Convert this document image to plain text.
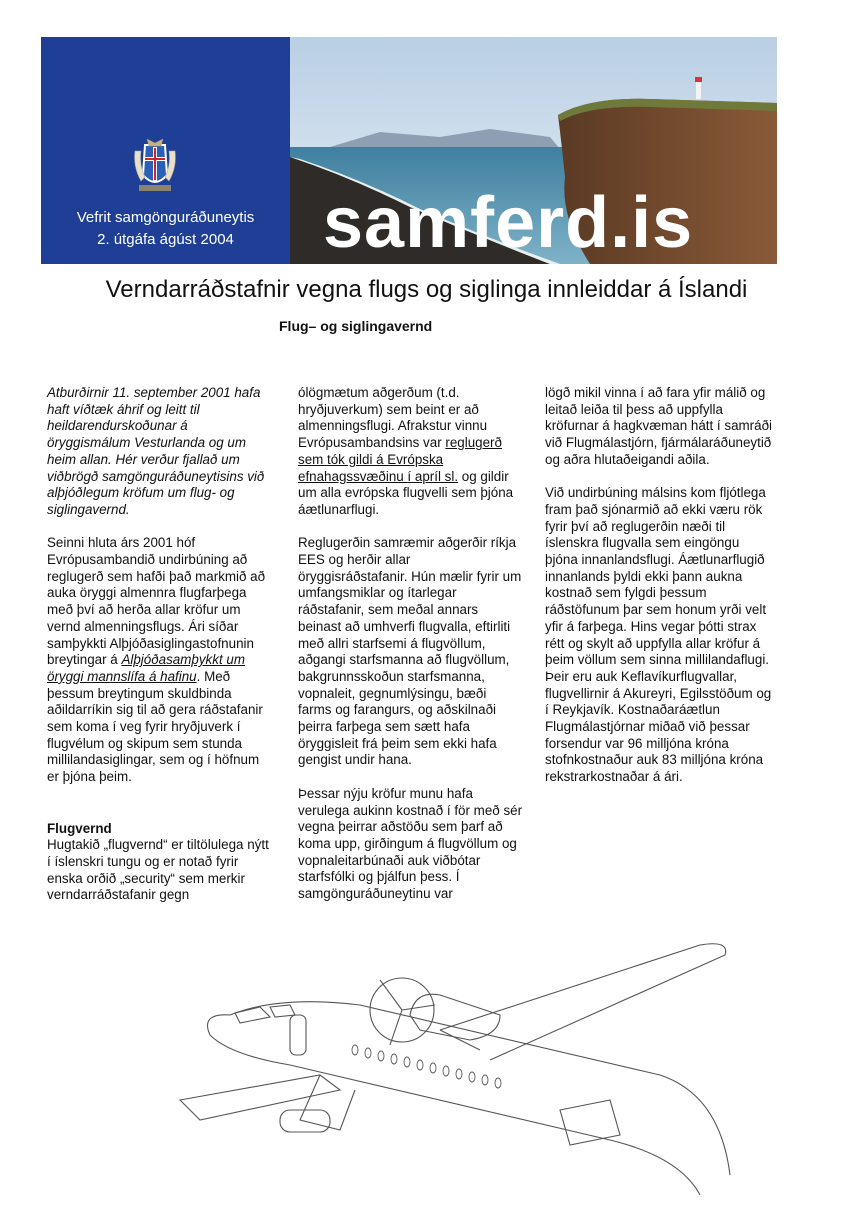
Vefrit samgönguráðuneytis
2. útgáfa ágúst 2004	samferd.is
Verndarráðstafnir vegna flugs og siglinga innleiddar á Íslandi
Flug– og siglingavernd

Atburðirnir 11. september 2001 hafa haft víðtæk áhrif og leitt til heildarendurskoðunar á öryggismálum Vesturlanda og um heim allan. Hér verður fjallað um viðbrögð samgönguráðuneytisins við alþjóðlegum kröfum um flug- og siglingavernd.

Seinni hluta árs 2001 hóf Evrópusambandið undirbúning að reglugerð sem hafði það markmið að auka öryggi almennra flugfarþega með því að herða allar kröfur um vernd almenningsflugs. Ári síðar samþykkti Alþjóðasiglingastofnunin breytingar á Alþjóðasamþykkt um öryggi mannslífa á hafinu. Með þessum breytingum skuldbinda aðildarríkin sig til að gera ráðstafanir sem koma í veg fyrir hryðjuverk í flugvélum og skipum sem stunda millilandasiglingar, sem og í höfnum er þjóna þeim.

Flugvernd

Hugtakið „flugvernd“ er tiltölulega nýtt í íslenskri tungu og er notað fyrir enska orðið „security“ sem merkir verndarráðstafanir gegn

ólögmætum aðgerðum (t.d. hryðjuverkum) sem beint er að almenningsflugi. Afrakstur vinnu Evrópusambandsins var reglugerð sem tók gildi á Evrópska efnahagssvæðinu í apríl sl. og gildir um alla evrópska flugvelli sem þjóna áætlunarflugi.

Reglugerðin samræmir aðgerðir ríkja EES og herðir allar öryggisráðstafanir. Hún mælir fyrir um umfangsmiklar og ítarlegar ráðstafanir, sem meðal annars beinast að umhverfi flugvalla, eftirliti með allri starfsemi á flugvöllum, aðgangi starfsmanna að flugvöllum, bakgrunnsskoðun starfsmanna, vopnaleit, gegnumlýsingu, bæði farms og farangurs, og aðskilnaði þeirra farþega sem sætt hafa öryggisleit frá þeim sem ekki hafa gengist undir hana.

Þessar nýju kröfur munu hafa verulega aukinn kostnað í för með sér vegna þeirrar aðstöðu sem þarf að koma upp, girðingum á flugvöllum og vopnaleitarbúnaði auk viðbótar starfsfólki og þjálfun þess. Í samgönguráðuneytinu var

lögð mikil vinna í að fara yfir málið og leitað leiða til þess að uppfylla kröfurnar á hagkvæman hátt í samráði við Flugmálastjórn, fjármálaráðuneytið og aðra hlutaðeigandi aðila.

Við undirbúning málsins kom fljótlega fram það sjónarmið að ekki væru rök fyrir því að reglugerðin næði til íslenskra flugvalla sem eingöngu þjóna innanlandsflugi. Áætlunarflugið innanlands þyldi ekki þann aukna kostnað sem fylgdi þessum ráðstöfunum þar sem honum yrði velt yfir á farþega. Hins vegar þótti strax rétt og skylt að uppfylla allar kröfur á þeim völlum sem sinna millilandaflugi. Þeir eru auk Keflavíkurflugvallar, flugvellirnir á Akureyri, Egilsstöðum og í Reykjavík. Kostnaðaráætlun Flugmálastjórnar miðað við þessar forsendur var 96 milljóna króna stofnkostnaður auk 83 milljóna króna rekstrarkostnaðar á ári.
